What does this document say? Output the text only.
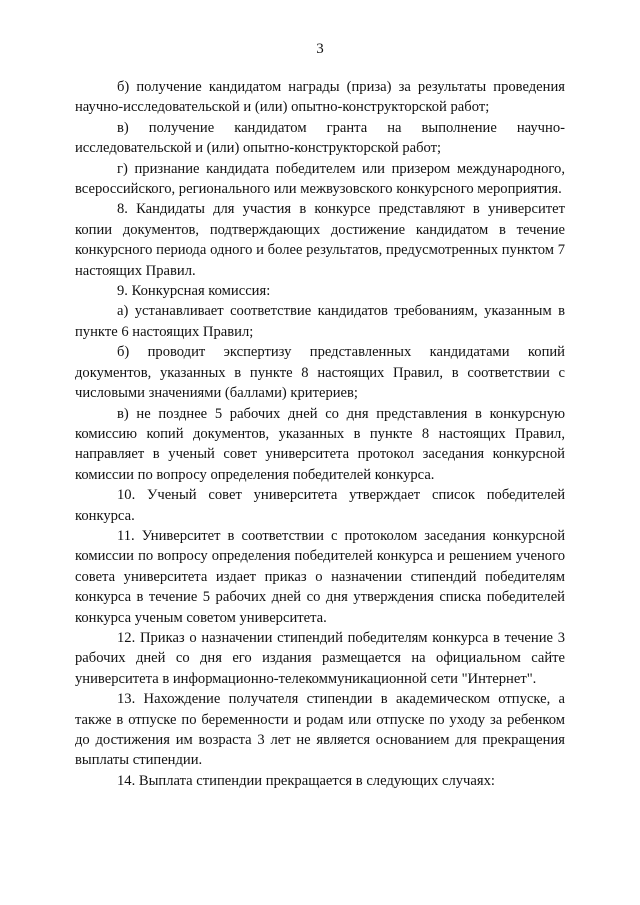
3

б) получение кандидатом награды (приза) за результаты проведения научно-исследовательской и (или) опытно-конструкторской работ;

в) получение кандидатом гранта на выполнение научно-исследовательской и (или) опытно-конструкторской работ;

г) признание кандидата победителем или призером международного, всероссийского, регионального или межвузовского конкурсного мероприятия.

8. Кандидаты для участия в конкурсе представляют в университет копии документов, подтверждающих достижение кандидатом в течение конкурсного периода одного и более результатов, предусмотренных пунктом 7 настоящих Правил.

9. Конкурсная комиссия:

а) устанавливает соответствие кандидатов требованиям, указанным в пункте 6 настоящих Правил;

б) проводит экспертизу представленных кандидатами копий документов, указанных в пункте 8 настоящих Правил, в соответствии с числовыми значениями (баллами) критериев;

в) не позднее 5 рабочих дней со дня представления в конкурсную комиссию копий документов, указанных в пункте 8 настоящих Правил, направляет в ученый совет университета протокол заседания конкурсной комиссии по вопросу определения победителей конкурса.

10. Ученый совет университета утверждает список победителей конкурса.

11. Университет в соответствии с протоколом заседания конкурсной комиссии по вопросу определения победителей конкурса и решением ученого совета университета издает приказ о назначении стипендий победителям конкурса в течение 5 рабочих дней со дня утверждения списка победителей конкурса ученым советом университета.

12. Приказ о назначении стипендий победителям конкурса в течение 3 рабочих дней со дня его издания размещается на официальном сайте университета в информационно-телекоммуникационной сети "Интернет".

13. Нахождение получателя стипендии в академическом отпуске, а также в отпуске по беременности и родам или отпуске по уходу за ребенком до достижения им возраста 3 лет не является основанием для прекращения выплаты стипендии.

14. Выплата стипендии прекращается в следующих случаях:
